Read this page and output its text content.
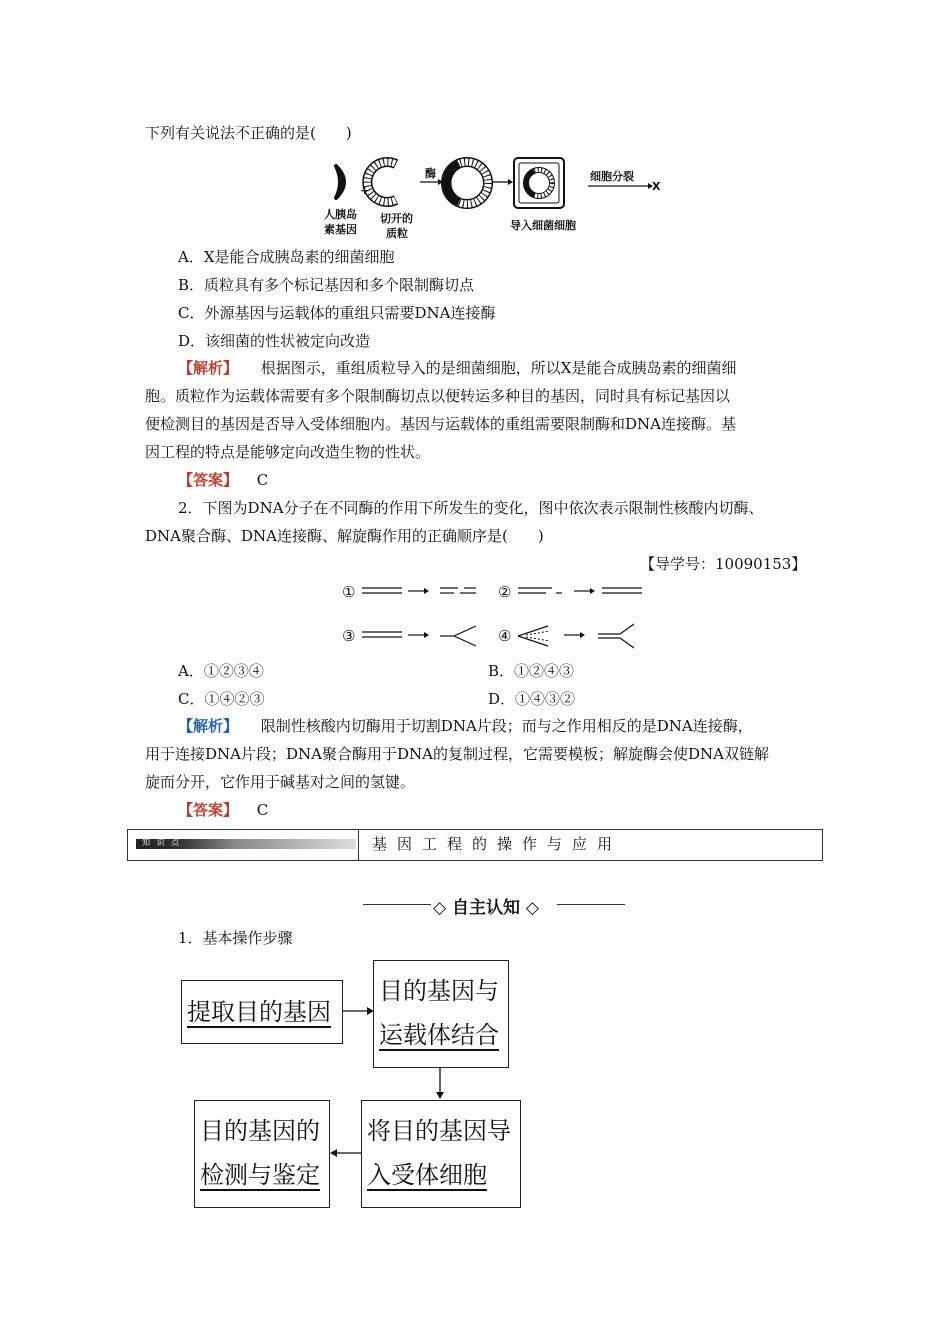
下列有关说法不正确的是(　　)
+
酶	细胞分裂
X
人胰岛
素基因
切开的
质粒
导入细菌细胞
A．X是能合成胰岛素的细菌细胞
B．质粒具有多个标记基因和多个限制酶切点
C．外源基因与运载体的重组只需要DNA连接酶
D．该细菌的性状被定向改造
【解析】 根据图示，重组质粒导入的是细菌细胞，所以X是能合成胰岛素的细菌细
胞。质粒作为运载体需要有多个限制酶切点以便转运多种目的基因，同时具有标记基因以
便检测目的基因是否导入受体细胞内。基因与运载体的重组需要限制酶和DNA连接酶。基
因工程的特点是能够定向改造生物的性状。
【答案】 C
2．下图为DNA分子在不同酶的作用下所发生的变化，图中依次表示限制性核酸内切酶、
DNA聚合酶、DNA连接酶、解旋酶作用的正确顺序是(　　)
【导学号：10090153】
①	②
③	④
A．①②③④	B．①②④③
C．①④②③	D．①④③②
【解析】 限制性核酸内切酶用于切割DNA片段；而与之作用相反的是DNA连接酶，
用于连接DNA片段；DNA聚合酶用于DNA的复制过程，它需要模板；解旋酶会使DNA双链解
旋而分开，它作用于碱基对之间的氢键。
【答案】 C
知 识 点	基因工程的操作与应用
◇ 自主认知 ◇
1．基本操作步骤
提取目的基因
目的基因与
运载体结合
将目的基因导
入受体细胞
目的基因的
检测与鉴定
